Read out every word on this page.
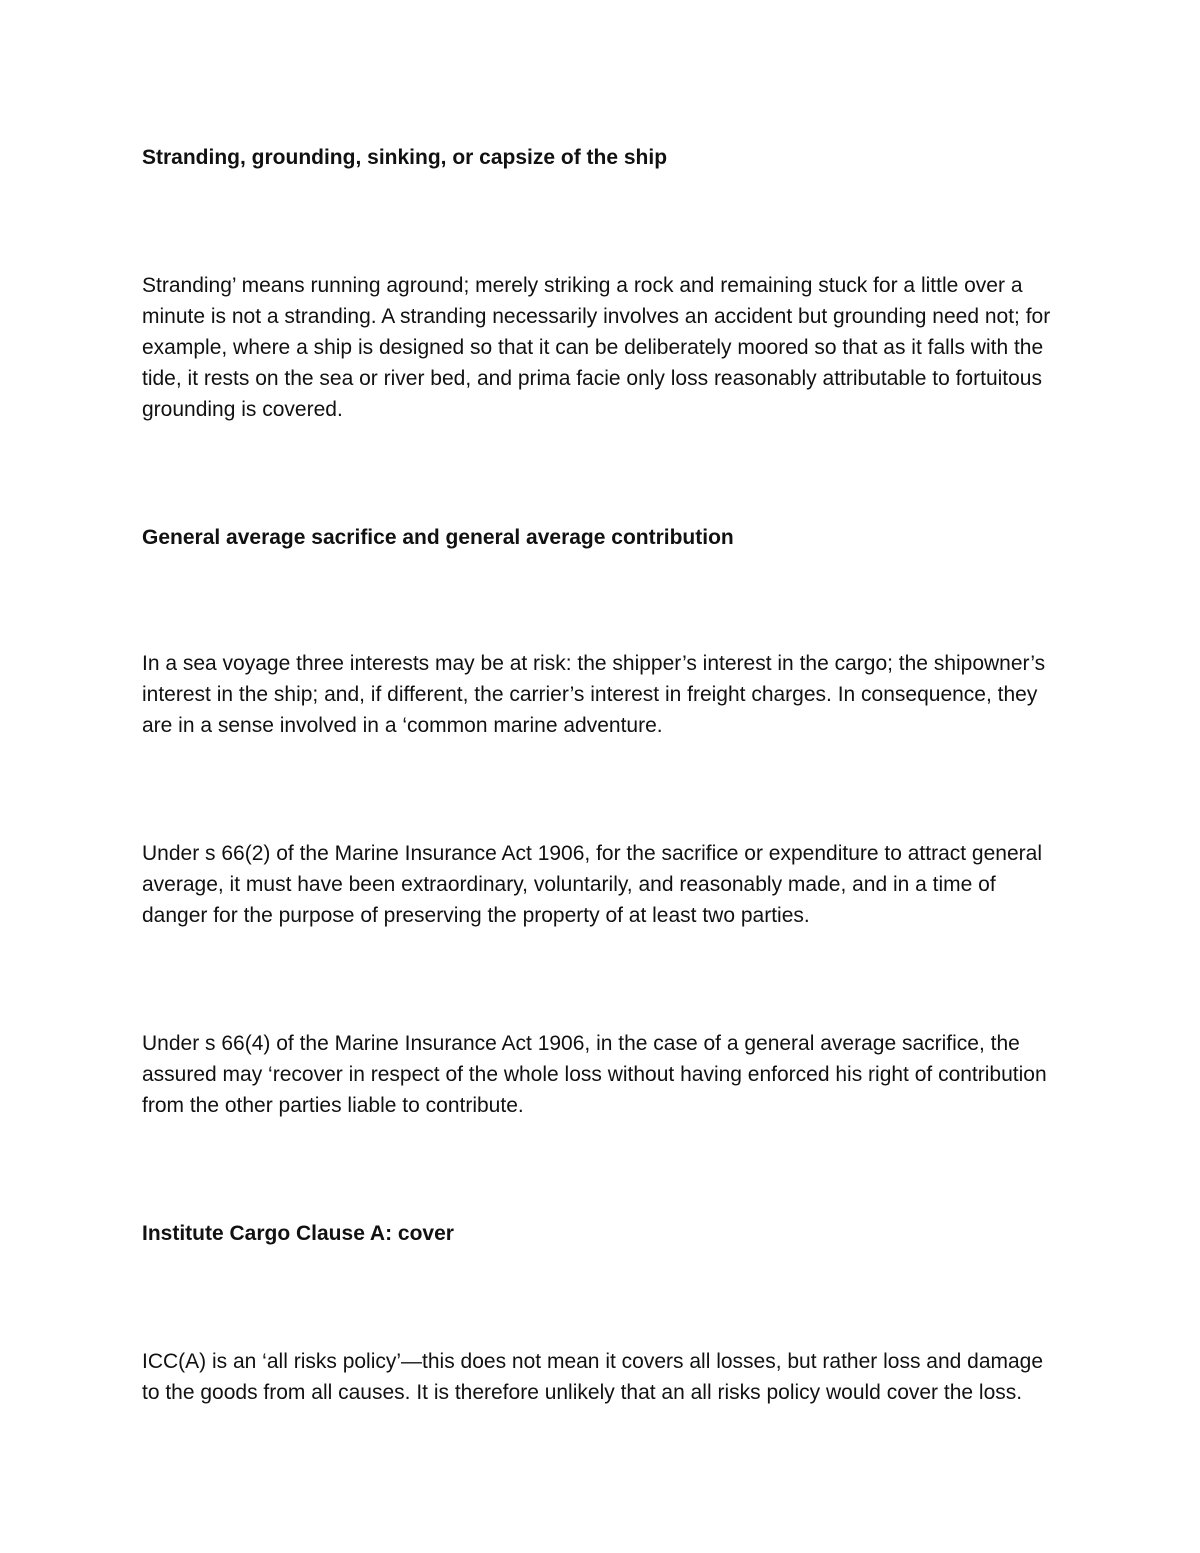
Stranding, grounding, sinking, or capsize of the ship

Stranding’ means running aground; merely striking a rock and remaining stuck for a little over a minute is not a stranding. A stranding necessarily involves an accident but grounding need not; for example, where a ship is designed so that it can be deliberately moored so that as it falls with the tide, it rests on the sea or river bed, and prima facie only loss reasonably attributable to fortuitous grounding is covered.

General average sacrifice and general average contribution

In a sea voyage three interests may be at risk: the shipper’s interest in the cargo; the shipowner’s interest in the ship; and, if different, the carrier’s interest in freight charges. In consequence, they are in a sense involved in a ‘common marine adventure.

Under s 66(2) of the Marine Insurance Act 1906, for the sacrifice or expenditure to attract general average, it must have been extraordinary, voluntarily, and reasonably made, and in a time of danger for the purpose of preserving the property of at least two parties.

Under s 66(4) of the Marine Insurance Act 1906, in the case of a general average sacrifice, the assured may ‘recover in respect of the whole loss without having enforced his right of contribution from the other parties liable to contribute.

Institute Cargo Clause A: cover

ICC(A) is an ‘all risks policy’—this does not mean it covers all losses, but rather loss and damage to the goods from all causes. It is therefore unlikely that an all risks policy would cover the loss.
